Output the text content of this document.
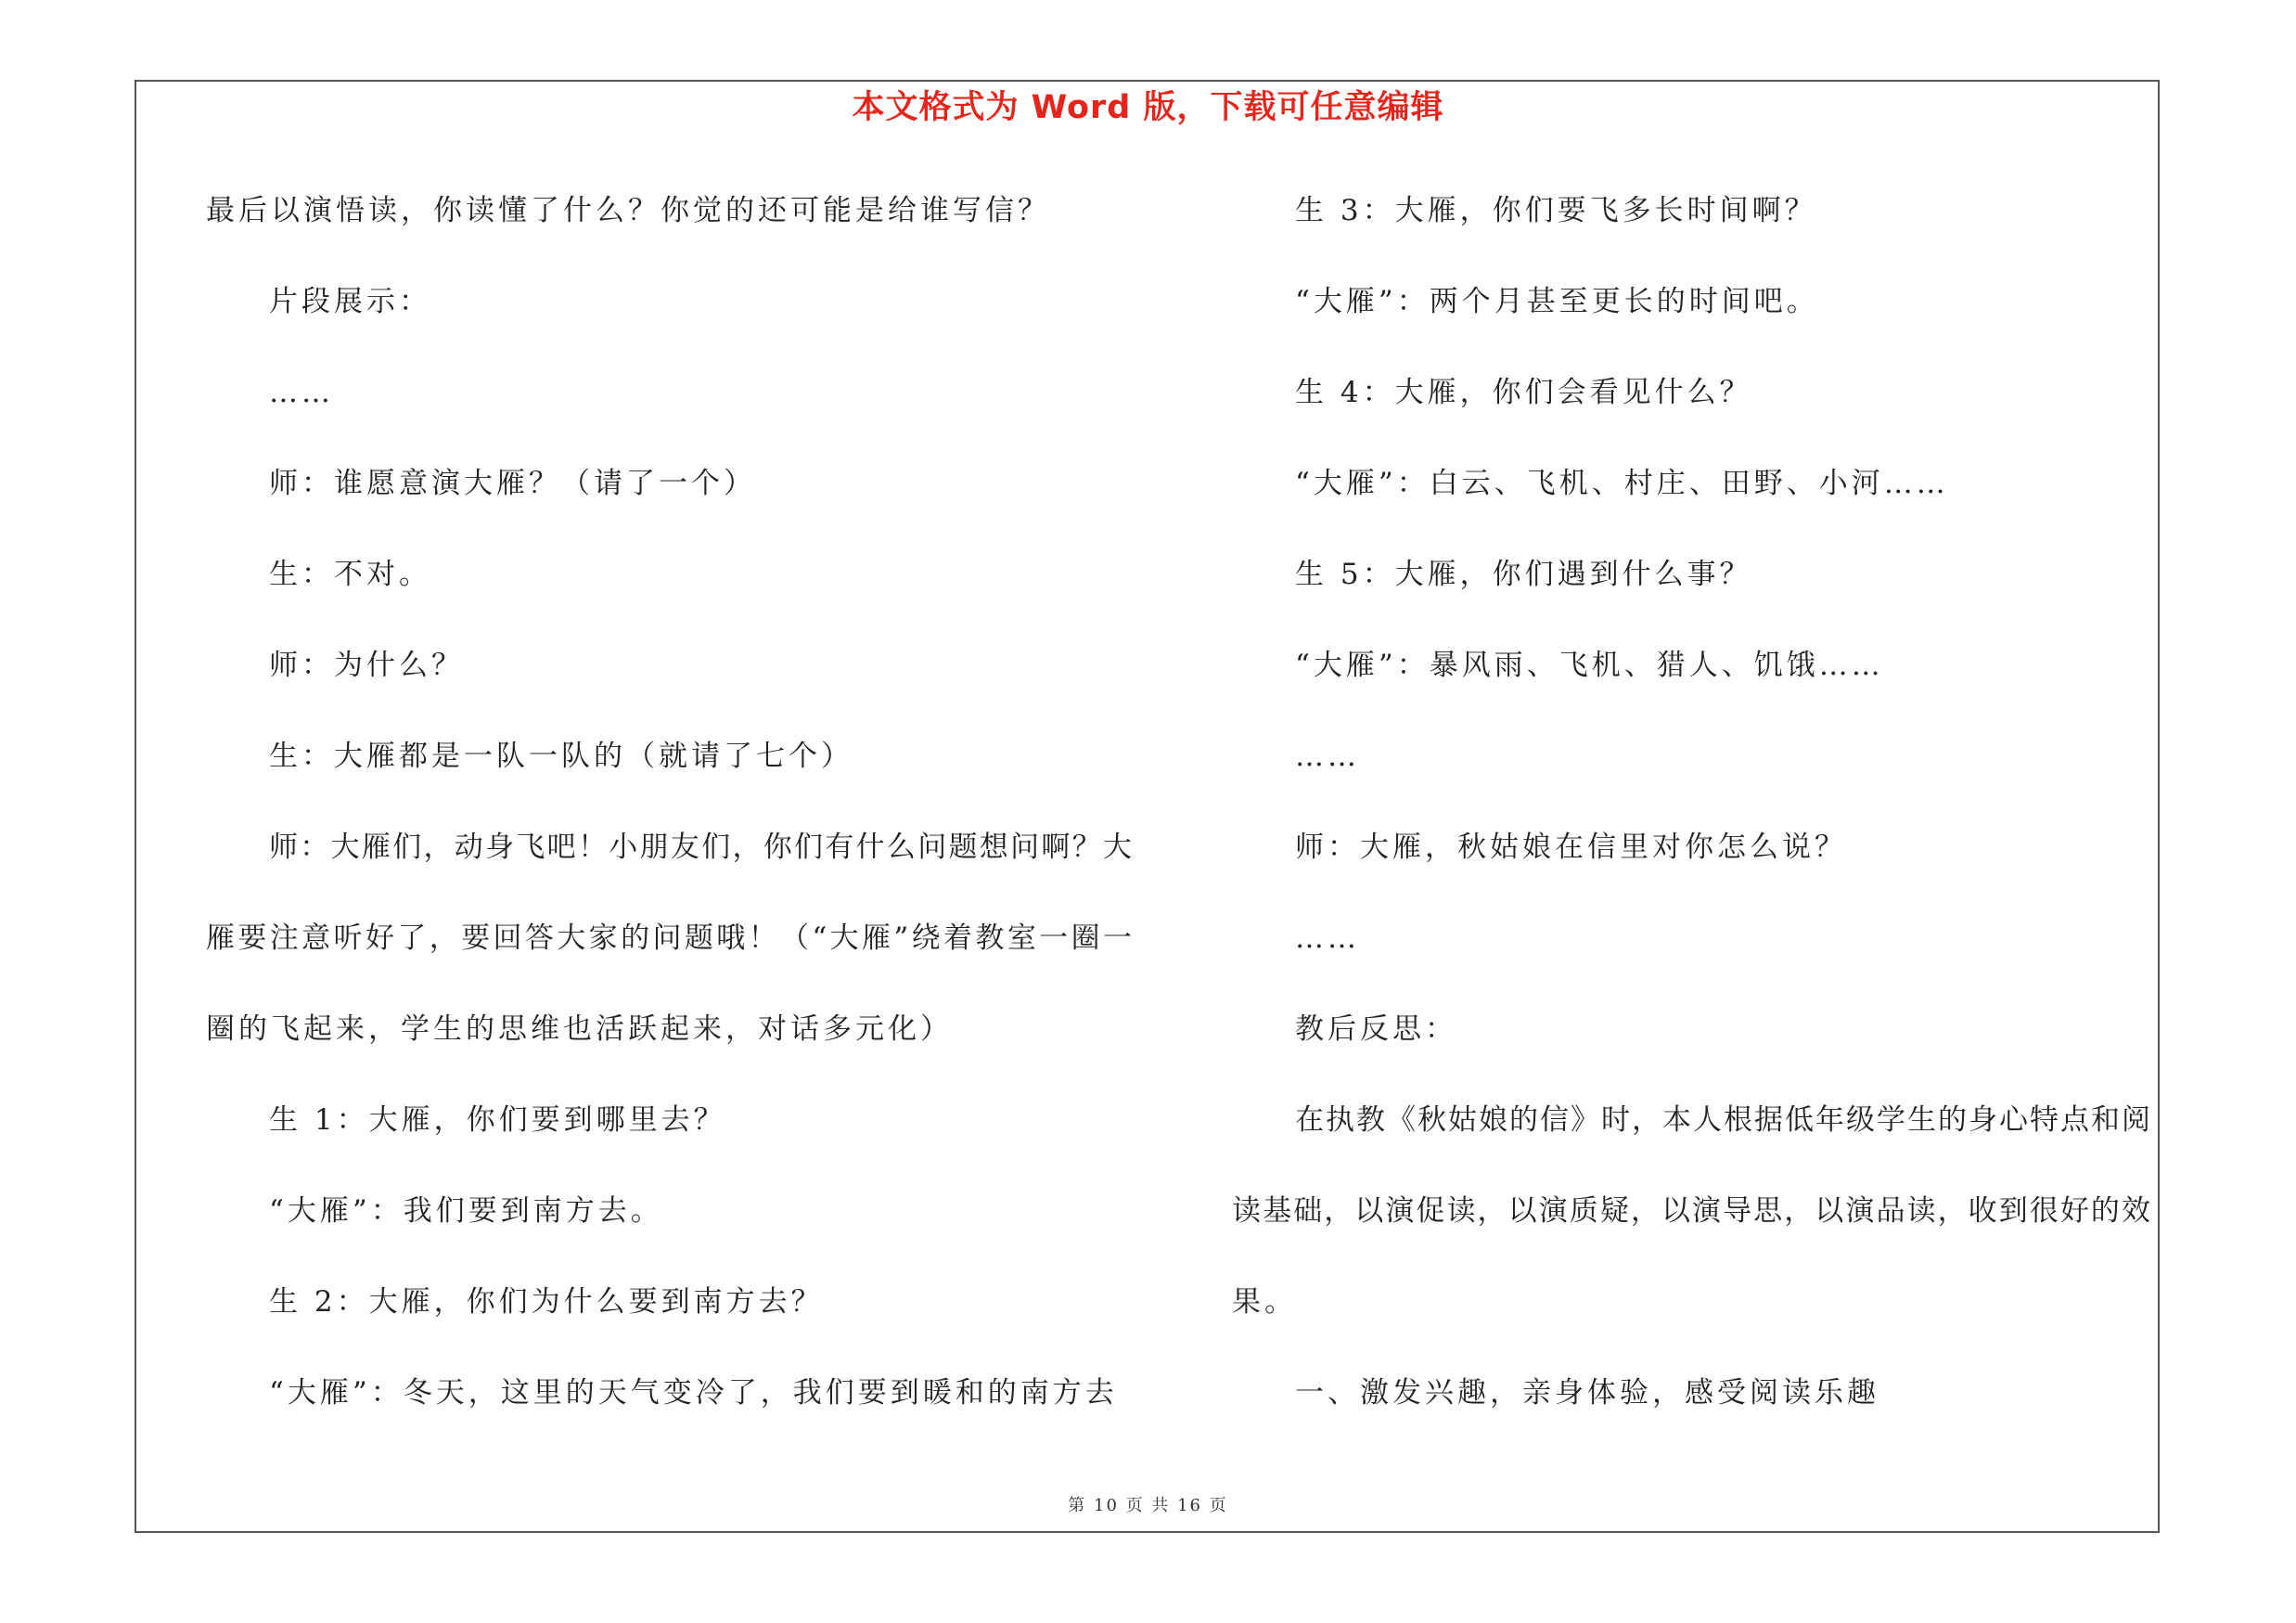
本文格式为 Word 版，下载可任意编辑
最后以演悟读，你读懂了什么？你觉的还可能是给谁写信？
片段展示：
……
师：谁愿意演大雁？（请了一个）
生：不对。
师：为什么？
生：大雁都是一队一队的（就请了七个）
师：大雁们，动身飞吧！小朋友们，你们有什么问题想问啊？大
雁要注意听好了，要回答大家的问题哦！（“大雁”绕着教室一圈一
圈的飞起来，学生的思维也活跃起来，对话多元化）
生 1：大雁，你们要到哪里去？
“大雁”：我们要到南方去。
生 2：大雁，你们为什么要到南方去？
“大雁”：冬天，这里的天气变冷了，我们要到暖和的南方去
生 3：大雁，你们要飞多长时间啊？
“大雁”：两个月甚至更长的时间吧。
生 4：大雁，你们会看见什么？
“大雁”：白云、飞机、村庄、田野、小河……
生 5：大雁，你们遇到什么事？
“大雁”：暴风雨、飞机、猎人、饥饿……
……
师：大雁，秋姑娘在信里对你怎么说？
……
教后反思：
在执教《秋姑娘的信》时，本人根据低年级学生的身心特点和阅
读基础，以演促读，以演质疑，以演导思，以演品读，收到很好的效
果。
一、激发兴趣，亲身体验，感受阅读乐趣
第 10 页 共 16 页
